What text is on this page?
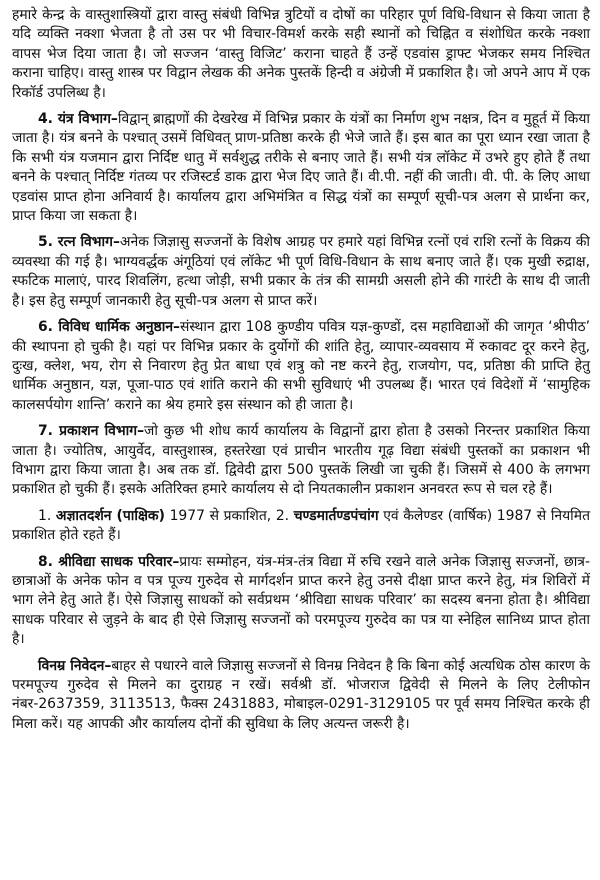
हमारे केन्द्र के वास्तुशास्त्रियों द्वारा वास्तु संबंधी विभिन्न त्रुटियों व दोषों का परिहार पूर्ण विधि-विधान से किया जाता है यदि व्यक्ति नक्शा भेजता है तो उस पर भी विचार-विमर्श करके सही स्थानों को चिह्नित व संशोधित करके नक्शा वापस भेज दिया जाता है। जो सज्जन ‘वास्तु विजिट’ कराना चाहते हैं उन्हें एडवांस ड्राफ्ट भेजकर समय निश्चित कराना चाहिए। वास्तु शास्त्र पर विद्वान लेखक की अनेक पुस्तकें हिन्दी व अंग्रेजी में प्रकाशित है। जो अपने आप में एक रिकॉर्ड उपलिब्ध है।

4. यंत्र विभाग–विद्वान् ब्राह्मणों की देखरेख में विभिन्न प्रकार के यंत्रों का निर्माण शुभ नक्षत्र, दिन व मुहूर्त में किया जाता है। यंत्र बनने के पश्चात् उसमें विधिवत् प्राण-प्रतिष्ठा करके ही भेजे जाते हैं। इस बात का पूरा ध्यान रखा जाता है कि सभी यंत्र यजमान द्वारा निर्दिष्ट धातु में सर्वशुद्ध तरीके से बनाए जाते हैं। सभी यंत्र लॉकेट में उभरे हुए होते हैं तथा बनने के पश्चात् निर्दिष्ट गंतव्य पर रजिस्टर्ड डाक द्वारा भेज दिए जाते हैं। वी.पी. नहीं की जाती। वी. पी. के लिए आधा एडवांस प्राप्त होना अनिवार्य है। कार्यालय द्वारा अभिमंत्रित व सिद्ध यंत्रों का सम्पूर्ण सूची-पत्र अलग से प्रार्थना कर, प्राप्त किया जा सकता है।

5. रत्न विभाग–अनेक जिज्ञासु सज्जनों के विशेष आग्रह पर हमारे यहां विभिन्न रत्नों एवं राशि रत्नों के विक्रय की व्यवस्था की गई है। भाग्यवर्द्धक अंगूठियां एवं लॉकेट भी पूर्ण विधि-विधान के साथ बनाए जाते हैं। एक मुखी रुद्राक्ष, स्फटिक मालाएं, पारद शिवलिंग, हत्था जोड़ी, सभी प्रकार के तंत्र की सामग्री असली होने की गारंटी के साथ दी जाती है। इस हेतु सम्पूर्ण जानकारी हेतु सूची-पत्र अलग से प्राप्त करें।

6. विविध धार्मिक अनुष्ठान–संस्थान द्वारा 108 कुण्डीय पवित्र यज्ञ-कुण्डों, दस महाविद्याओं की जागृत ‘श्रीपीठ’ की स्थापना हो चुकी है। यहां पर विभिन्न प्रकार के दुर्योगों की शांति हेतु, व्यापार-व्यवसाय में रुकावट दूर करने हेतु, दुःख, क्लेश, भय, रोग से निवारण हेतु प्रेत बाधा एवं शत्रु को नष्ट करने हेतु, राजयोग, पद, प्रतिष्ठा की प्राप्ति हेतु धार्मिक अनुष्ठान, यज्ञ, पूजा-पाठ एवं शांति कराने की सभी सुविधाएं भी उपलब्ध हैं। भारत एवं विदेशों में ‘सामुहिक कालसर्पयोग शान्ति’ कराने का श्रेय हमारे इस संस्थान को ही जाता है।

7. प्रकाशन विभाग–जो कुछ भी शोध कार्य कार्यालय के विद्वानों द्वारा होता है उसको निरन्तर प्रकाशित किया जाता है। ज्योतिष, आयुर्वेद, वास्तुशास्त्र, हस्तरेखा एवं प्राचीन भारतीय गूढ़ विद्या संबंधी पुस्तकों का प्रकाशन भी विभाग द्वारा किया जाता है। अब तक डॉ. द्विवेदी द्वारा 500 पुस्तकें लिखी जा चुकी हैं। जिसमें से 400 के लगभग प्रकाशित हो चुकी हैं। इसके अतिरिक्त हमारे कार्यालय से दो नियतकालीन प्रकाशन अनवरत रूप से चल रहे हैं।

1. अज्ञातदर्शन (पाक्षिक) 1977 से प्रकाशित, 2. चण्डमार्तण्डपंचांग एवं कैलेण्डर (वार्षिक) 1987 से नियमित प्रकाशित होते रहते हैं।

8. श्रीविद्या साधक परिवार–प्रायः सम्मोहन, यंत्र-मंत्र-तंत्र विद्या में रुचि रखने वाले अनेक जिज्ञासु सज्जनों, छात्र-छात्राओं के अनेक फोन व पत्र पूज्य गुरुदेव से मार्गदर्शन प्राप्त करने हेतु उनसे दीक्षा प्राप्त करने हेतु, मंत्र शिविरों में भाग लेने हेतु आते हैं। ऐसे जिज्ञासु साधकों को सर्वप्रथम ‘श्रीविद्या साधक परिवार’ का सदस्य बनना होता है। श्रीविद्या साधक परिवार से जुड़ने के बाद ही ऐसे जिज्ञासु सज्जनों को परमपूज्य गुरुदेव का पत्र या स्नेहिल सानिध्य प्राप्त होता है।

विनम्र निवेदन–बाहर से पधारने वाले जिज्ञासु सज्जनों से विनम्र निवेदन है कि बिना कोई अत्यधिक ठोस कारण के परमपूज्य गुरुदेव से मिलने का दुराग्रह न रखें। सर्वश्री डॉ. भोजराज द्विवेदी से मिलने के लिए टेलीफोन नंबर-2637359, 3113513, फैक्स 2431883, मोबाइल-0291-3129105 पर पूर्व समय निश्चित करके ही मिला करें। यह आपकी और कार्यालय दोनों की सुविधा के लिए अत्यन्त जरूरी है।
